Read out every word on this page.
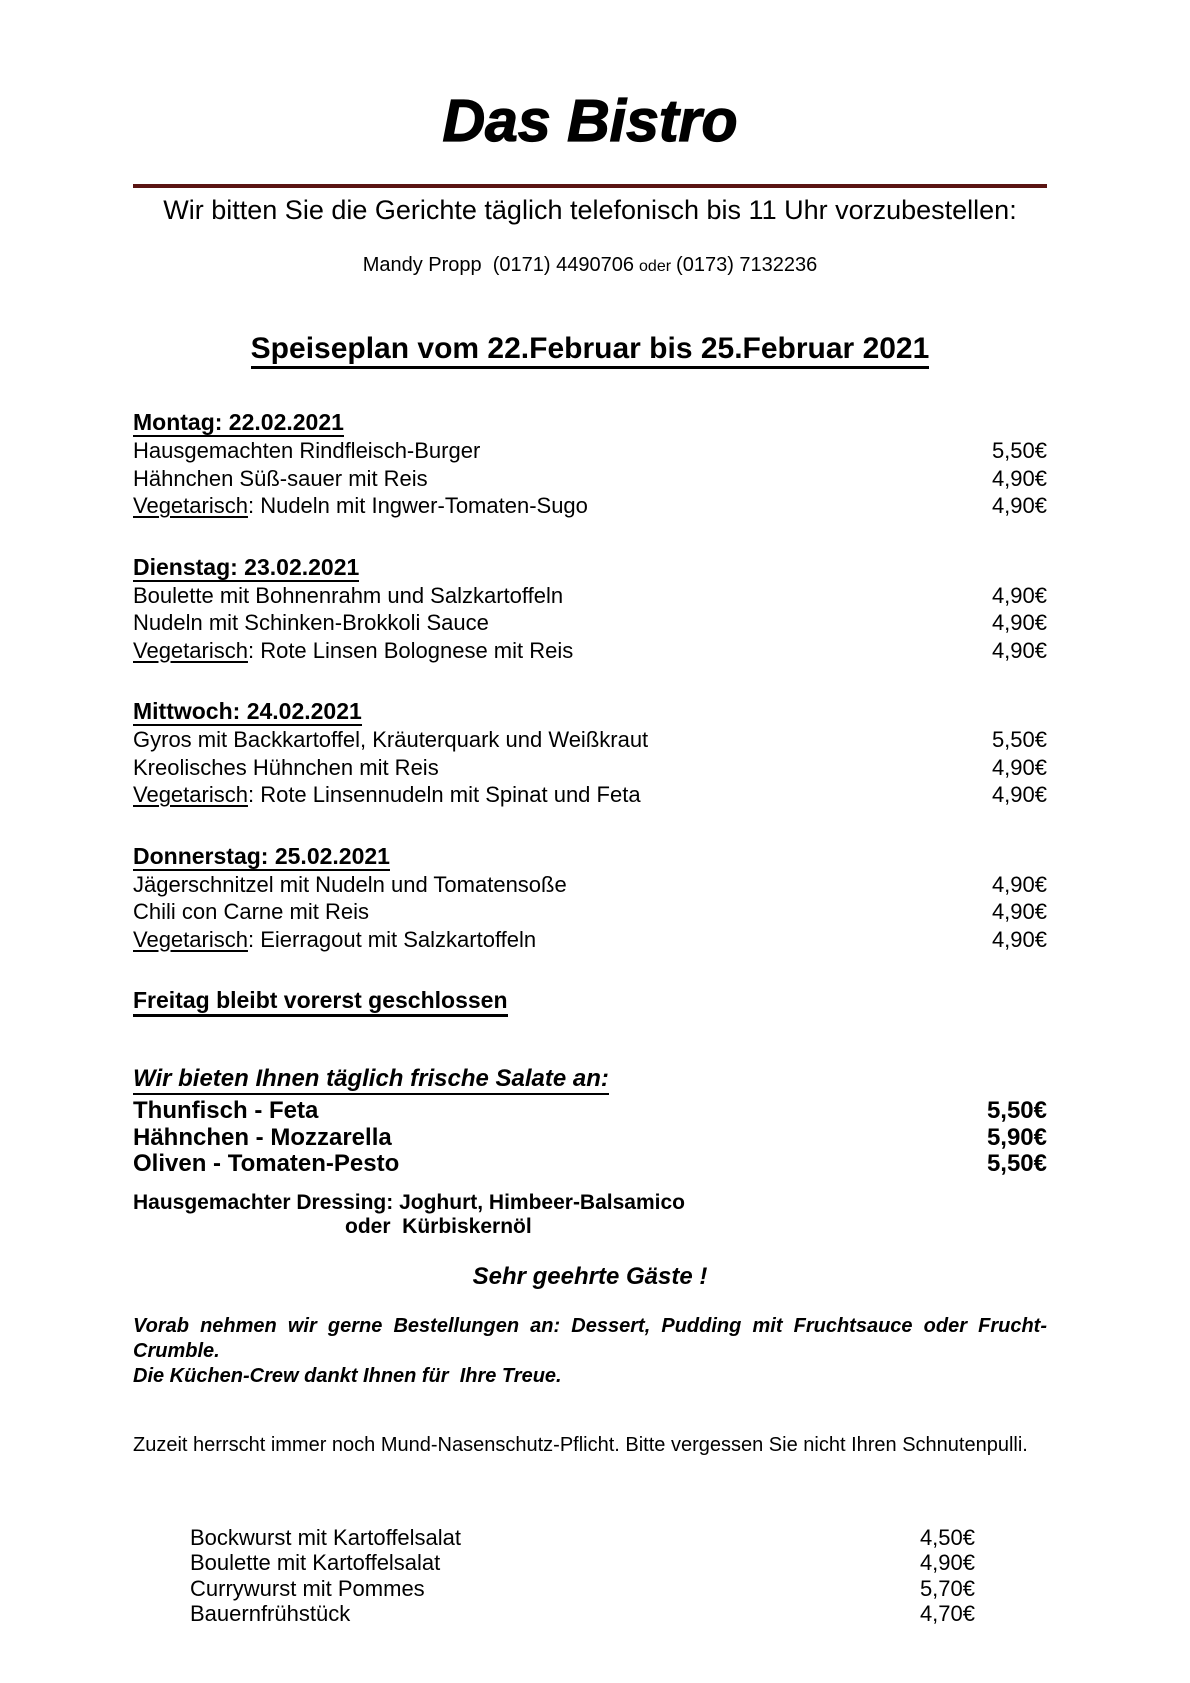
Das Bistro

Wir bitten Sie die Gerichte täglich telefonisch bis 11 Uhr vorzubestellen:

Mandy Propp  (0171) 4490706 oder (0173) 7132236

Speiseplan vom 22.Februar bis 25.Februar 2021
Montag: 22.02.2021
Hausgemachten Rindfleisch-Burger	5,50€
Hähnchen Süß-sauer mit Reis	4,90€
Vegetarisch: Nudeln mit Ingwer-Tomaten-Sugo	4,90€
Dienstag: 23.02.2021
Boulette mit Bohnenrahm und Salzkartoffeln	4,90€
Nudeln mit Schinken-Brokkoli Sauce	4,90€
Vegetarisch: Rote Linsen Bolognese mit Reis	4,90€
Mittwoch: 24.02.2021
Gyros mit Backkartoffel, Kräuterquark und Weißkraut	5,50€
Kreolisches Hühnchen mit Reis	4,90€
Vegetarisch: Rote Linsennudeln mit Spinat und Feta	4,90€
Donnerstag: 25.02.2021
Jägerschnitzel mit Nudeln und Tomatensoße	4,90€
Chili con Carne mit Reis	4,90€
Vegetarisch: Eierragout mit Salzkartoffeln	4,90€
Freitag bleibt vorerst geschlossen
Wir bieten Ihnen täglich frische Salate an:
Thunfisch - Feta	5,50€
Hähnchen - Mozzarella	5,90€
Oliven - Tomaten-Pesto	5,50€
Hausgemachter Dressing: Joghurt, Himbeer-Balsamico
oder  Kürbiskernöl

Sehr geehrte Gäste !

Vorab nehmen wir gerne Bestellungen an: Dessert, Pudding mit Fruchtsauce oder Frucht-
Crumble.
Die Küchen-Crew dankt Ihnen für  Ihre Treue.

Zuzeit herrscht immer noch Mund-Nasenschutz-Pflicht. Bitte vergessen Sie nicht Ihren Schnutenpulli.

Bockwurst mit Kartoffelsalat	4,50€
Boulette mit Kartoffelsalat	4,90€
Currywurst mit Pommes	5,70€
Bauernfrühstück	4,70€
